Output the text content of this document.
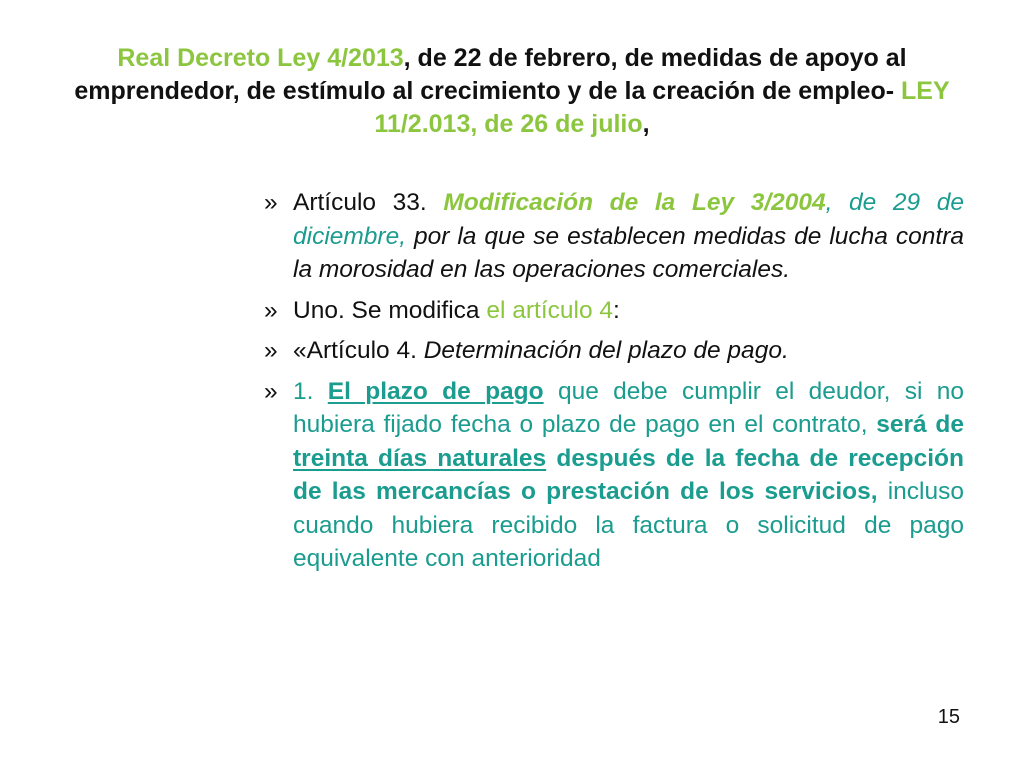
Real Decreto Ley 4/2013, de 22 de febrero, de medidas de apoyo al emprendedor, de estímulo al crecimiento y de la creación de empleo- LEY 11/2.013, de 26 de julio,
» Artículo 33. Modificación de la Ley 3/2004, de 29 de diciembre, por la que se establecen medidas de lucha contra la morosidad en las operaciones comerciales.
» Uno. Se modifica el artículo 4:
» «Artículo 4. Determinación del plazo de pago.
» 1. El plazo de pago que debe cumplir el deudor, si no hubiera fijado fecha o plazo de pago en el contrato, será de treinta días naturales después de la fecha de recepción de las mercancías o prestación de los servicios, incluso cuando hubiera recibido la factura o solicitud de pago equivalente con anterioridad
15
